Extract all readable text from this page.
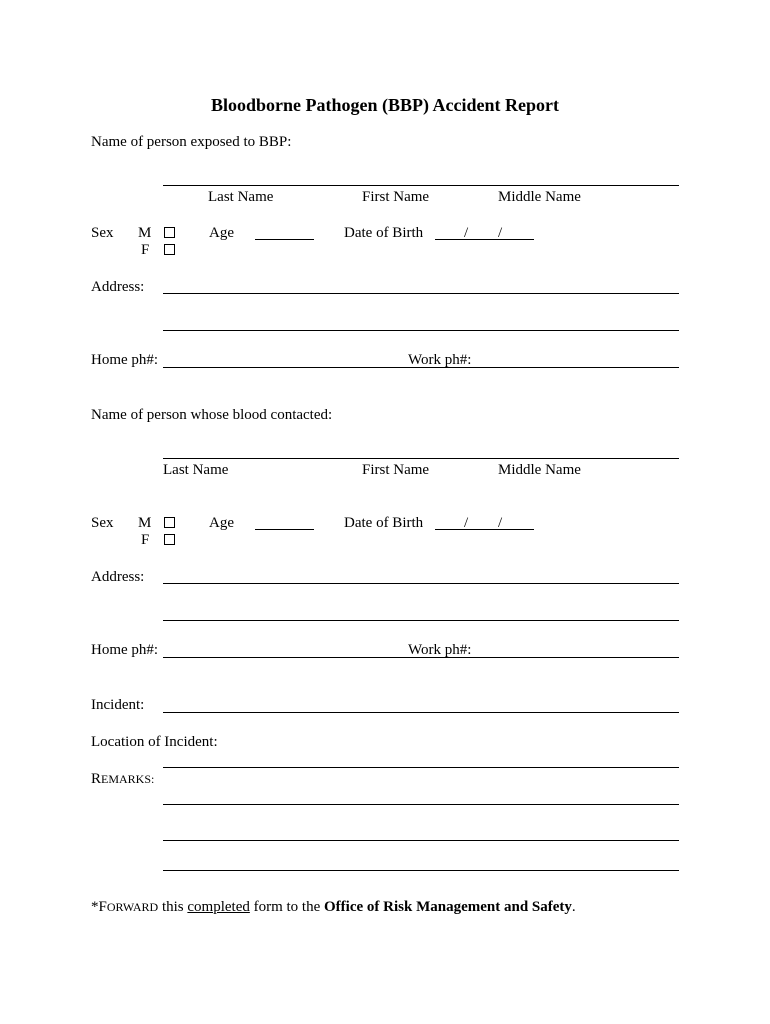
Bloodborne Pathogen (BBP) Accident Report
Name of person exposed to BBP:
Last Name	First Name	Middle Name
Sex M
F
Age	Date of Birth	/ /
Address:
Home ph#:	Work ph#:
Name of person whose blood contacted:
Last Name	First Name	Middle Name
Sex M
F
Age	Date of Birth	/ /
Address:
Home ph#:	Work ph#:
Incident:
Location of Incident:
REMARKS:
*FORWARD this completed form to the Office of Risk Management and Safety.
